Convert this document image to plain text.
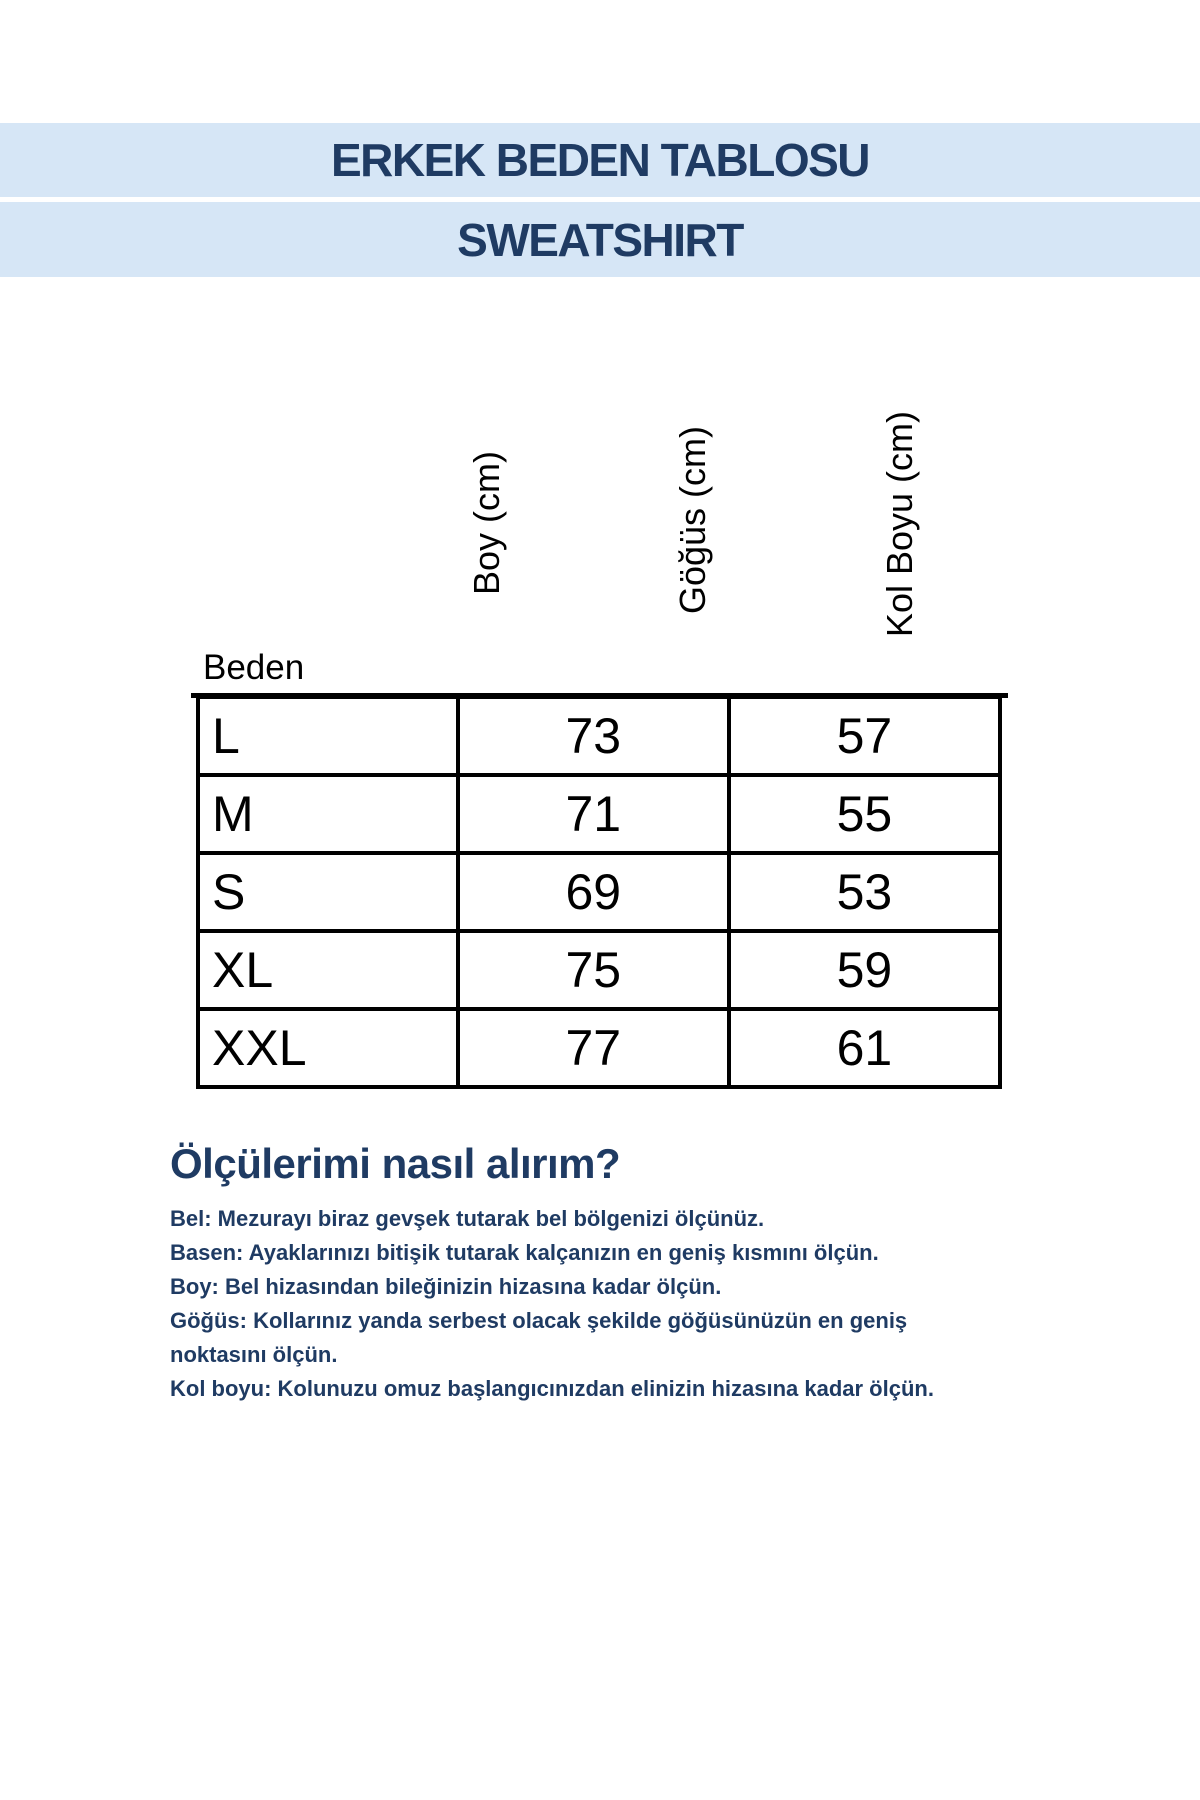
ERKEK BEDEN TABLOSU
SWEATSHIRT
Boy (cm)	Göğüs (cm)	Kol Boyu (cm)
Beden
L	73	57
M	71	55
S	69	53
XL	75	59
XXL	77	61
Ölçülerimi nasıl alırım?
Bel: Mezurayı biraz gevşek tutarak bel bölgenizi ölçünüz.
Basen: Ayaklarınızı bitişik tutarak kalçanızın en geniş kısmını ölçün.
Boy: Bel hizasından bileğinizin hizasına kadar ölçün.
Göğüs: Kollarınız yanda serbest olacak şekilde göğüsünüzün en geniş
noktasını ölçün.
Kol boyu: Kolunuzu omuz başlangıcınızdan elinizin hizasına kadar ölçün.
